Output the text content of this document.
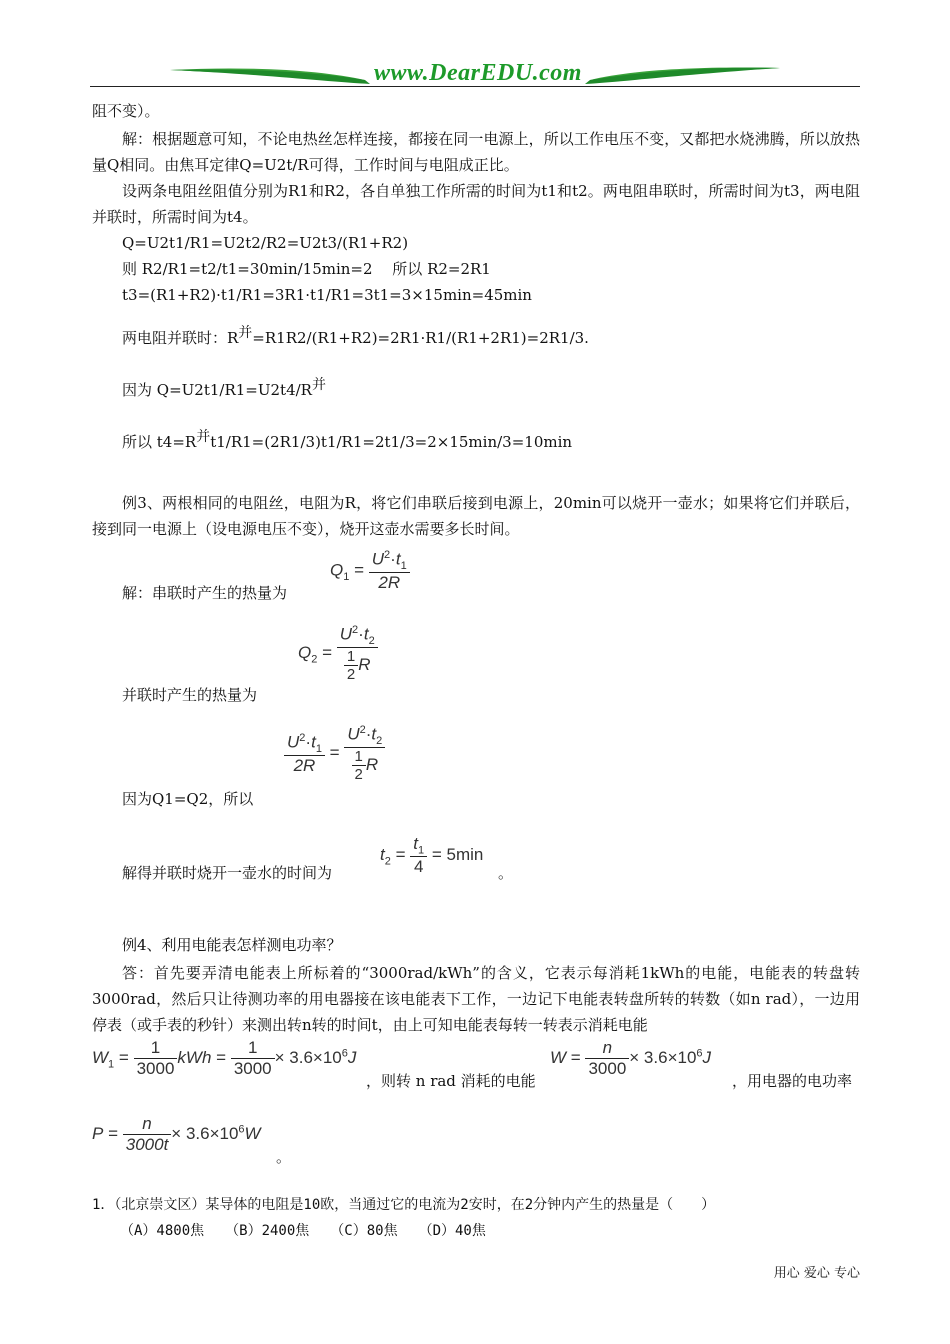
www.DearEDU.com
阻不变）。
解：根据题意可知，不论电热丝怎样连接，都接在同一电源上，所以工作电压不变，又都把水烧沸腾，所以放热量Q相同。由焦耳定律Q=U2t/R可得，工作时间与电阻成正比。
设两条电阻丝阻值分别为R1和R2，各自单独工作所需的时间为t1和t2。两电阻串联时，所需时间为t3，两电阻并联时，所需时间为t4。
Q=U2t1/R1=U2t2/R2=U2t3/(R1+R2)
则 R2/R1=t2/t1=30min/15min=2　 所以 R2=2R1
t3=(R1+R2)·t1/R1=3R1·t1/R1=3t1=3×15min=45min
两电阻并联时：$R^并=R1R2/(R1+R2)=2R1\cdot R1/(R1+2R1)=2R1/3$.
因为 $Q=U2t1/R1=U2t4/R^并$
所以 $t4=R^并t1/R1=(2R1/3)t1/R1=2t1/3=2\times 15\min/3=10\min$
例3、两根相同的电阻丝，电阻为R，将它们串联后接到电源上，20min可以烧开一壶水；如果将它们并联后，接到同一电源上（设电源电压不变），烧开这壶水需要多长时间。
解：串联时产生的热量为
$Q_1 = \frac{U^2\cdot t_1}{2R}$
$Q_2 = \frac{U^2\cdot t_2}{\frac{1}{2} R}$
并联时产生的热量为
$\frac{U^2\cdot t_1}{2R} = \frac{U^2\cdot t_2}{\frac{1}{2} R}$
因为Q1=Q2，所以
解得并联时烧开一壶水的时间为
$t_2 = \frac{t_1}{4} = 5\min$
。
例4、利用电能表怎样测电功率？
答：首先要弄清电能表上所标着的“3000rad/kWh”的含义，它表示每消耗1kWh的电能，电能表的转盘转3000rad，然后只让待测功率的用电器接在该电能表下工作，一边记下电能表转盘所转的转数（如n rad），一边用停表（或手表的秒针）来测出转n转的时间t，由上可知电能表每转一转表示消耗电能
$W_1 = \frac{1}{3000}$ kWh = $\frac{1}{3000} \times 3.6\times 10^6J$
，则转 n rad 消耗的电能
$W = \frac{n}{3000} \times 3.6\times 10^6J$
，用电器的电功率
$P = \frac{n}{3000t} \times 3.6\times 10^6W$
。
1．（北京崇文区）某导体的电阻是10欧，当通过它的电流为2安时，在2分钟内产生的热量是（　　）
（A）4800焦　　（B）2400焦　　（C）80焦　　（D）40焦
用心 爱心 专心
